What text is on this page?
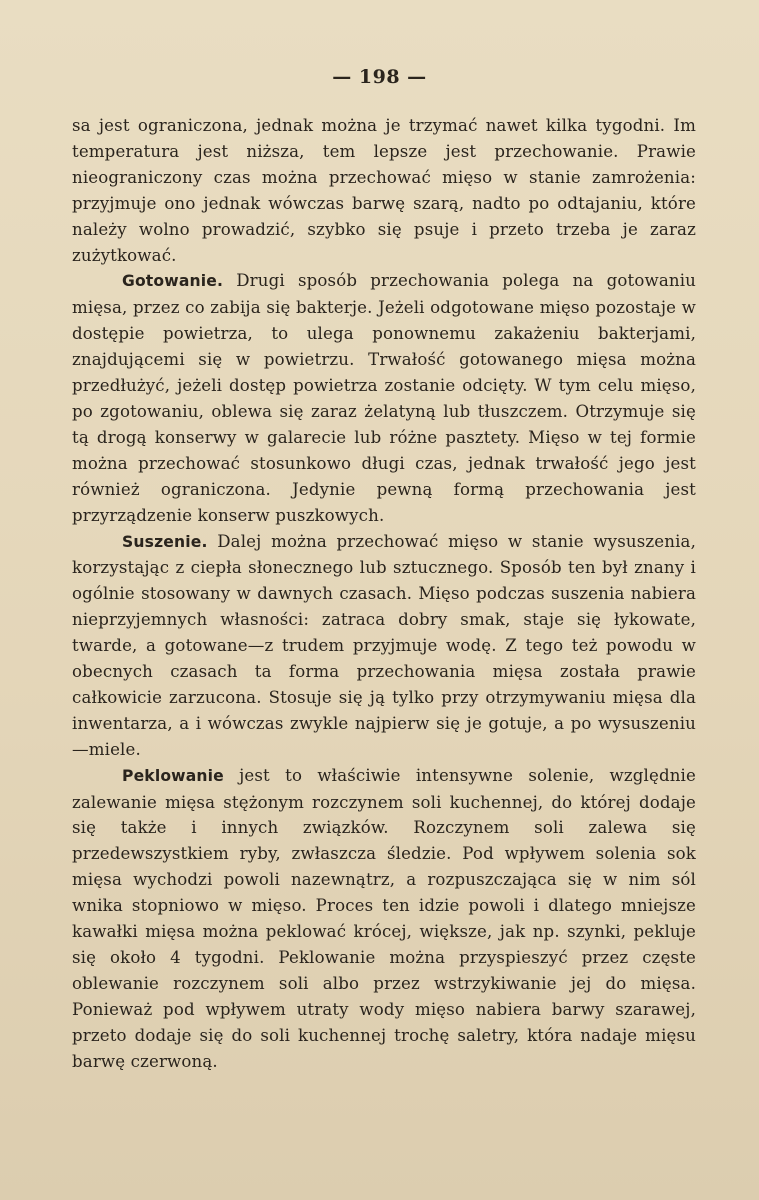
— 198 —

sa jest ograniczona, jednak można je trzymać nawet kilka tygodni. Im temperatura jest niższa, tem lepsze jest przechowanie. Prawie nieograniczony czas można przechować mięso w stanie zamrożenia: przyjmuje ono jednak wówczas barwę szarą, nadto po odtajaniu, które należy wolno prowadzić, szybko się psuje i przeto trzeba je zaraz zużytkować.

Gotowanie. Drugi sposób przechowania polega na gotowaniu mięsa, przez co zabija się bakterje. Jeżeli odgotowane mięso pozostaje w dostępie powietrza, to ulega ponownemu zakażeniu bakterjami, znajdującemi się w powietrzu. Trwałość gotowanego mięsa można przedłużyć, jeżeli dostęp powietrza zostanie odcięty. W tym celu mięso, po zgotowaniu, oblewa się zaraz żelatyną lub tłuszczem. Otrzymuje się tą drogą konserwy w galarecie lub różne pasztety. Mięso w tej formie można przechować stosunkowo długi czas, jednak trwałość jego jest również ograniczona. Jedynie pewną formą przechowania jest przyrządzenie konserw puszkowych.

Suszenie. Dalej można przechować mięso w stanie wysuszenia, korzystając z ciepła słonecznego lub sztucznego. Sposób ten był znany i ogólnie stosowany w dawnych czasach. Mięso podczas suszenia nabiera nieprzyjemnych własności: zatraca dobry smak, staje się łykowate, twarde, a gotowane—z trudem przyjmuje wodę. Z tego też powodu w obecnych czasach ta forma przechowania mięsa została prawie całkowicie zarzucona. Stosuje się ją tylko przy otrzymywaniu mięsa dla inwentarza, a i wówczas zwykle najpierw się je gotuje, a po wysuszeniu—miele.

Peklowanie jest to właściwie intensywne solenie, względnie zalewanie mięsa stężonym rozczynem soli kuchennej, do której dodaje się także i innych związków. Rozczynem soli zalewa się przedewszystkiem ryby, zwłaszcza śledzie. Pod wpływem solenia sok mięsa wychodzi powoli nazewnątrz, a rozpuszczająca się w nim sól wnika stopniowo w mięso. Proces ten idzie powoli i dlatego mniejsze kawałki mięsa można peklować krócej, większe, jak np. szynki, pekluje się około 4 tygodni. Peklowanie można przyspieszyć przez częste oblewanie rozczynem soli albo przez wstrzykiwanie jej do mięsa. Ponieważ pod wpływem utraty wody mięso nabiera barwy szarawej, przeto dodaje się do soli kuchennej trochę saletry, która nadaje mięsu barwę czerwoną.
